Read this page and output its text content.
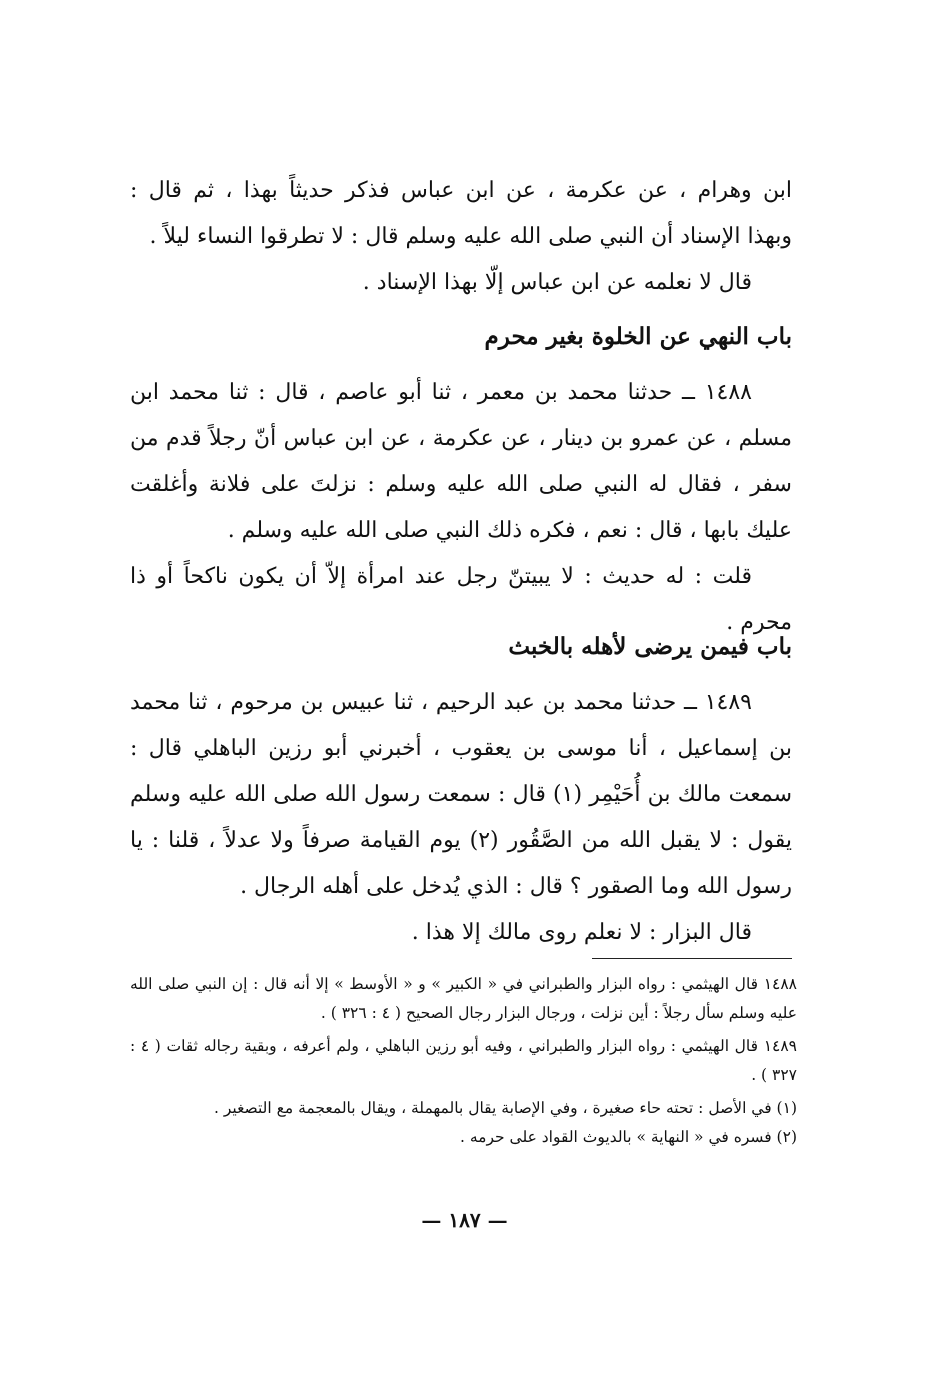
ابن وهرام ، عن عكرمة ، عن ابن عباس فذكر حديثاً بهذا ، ثم قال :

وبهذا الإسناد أن النبي صلى الله عليه وسلم قال : لا تطرقوا النساء ليلاً .

قال لا نعلمه عن ابن عباس إلّا بهذا الإسناد .

باب النهي عن الخلوة بغير محرم

١٤٨٨ ــ حدثنا محمد بن معمر ، ثنا أبو عاصم ، قال : ثنا محمد ابن مسلم ، عن عمرو بن دينار ، عن عكرمة ، عن ابن عباس أنّ رجلاً قدم من سفر ، فقال له النبي صلى الله عليه وسلم : نزلتَ على فلانة وأغلقت عليك بابها ، قال : نعم ، فكره ذلك النبي صلى الله عليه وسلم .

قلت : له حديث : لا يبيتنّ رجل عند امرأة إلاّ أن يكون ناكحاً أو ذا محرم .

باب فيمن يرضى لأهله بالخبث

١٤٨٩ ــ حدثنا محمد بن عبد الرحيم ، ثنا عبيس بن مرحوم ، ثنا محمد بن إسماعيل ، أنا موسى بن يعقوب ، أخبرني أبو رزين الباهلي قال : سمعت مالك بن أُحَيْمِر (١) قال : سمعت رسول الله صلى الله عليه وسلم يقول : لا يقبل الله من الصَّقُور (٢) يوم القيامة صرفاً ولا عدلاً ، قلنا : يا رسول الله وما الصقور ؟ قال : الذي يُدخل على أهله الرجال .

قال البزار : لا نعلم روى مالك إلا هذا .

١٤٨٨ قال الهيثمي : رواه البزار والطبراني في « الكبير » و « الأوسط » إلا أنه قال : إن النبي صلى الله عليه وسلم سأل رجلاً : أين نزلت ، ورجال البزار رجال الصحيح ( ٤ : ٣٢٦ ) .

١٤٨٩ قال الهيثمي : رواه البزار والطبراني ، وفيه أبو رزين الباهلي ، ولم أعرفه ، وبقية رجاله ثقات ( ٤ : ٣٢٧ ) .

(١) في الأصل : تحته حاء صغيرة ، وفي الإصابة يقال بالمهملة ، ويقال بالمعجمة مع التصغير .

(٢) فسره في « النهاية » بالديوث القواد على حرمه .

— ١٨٧ —
